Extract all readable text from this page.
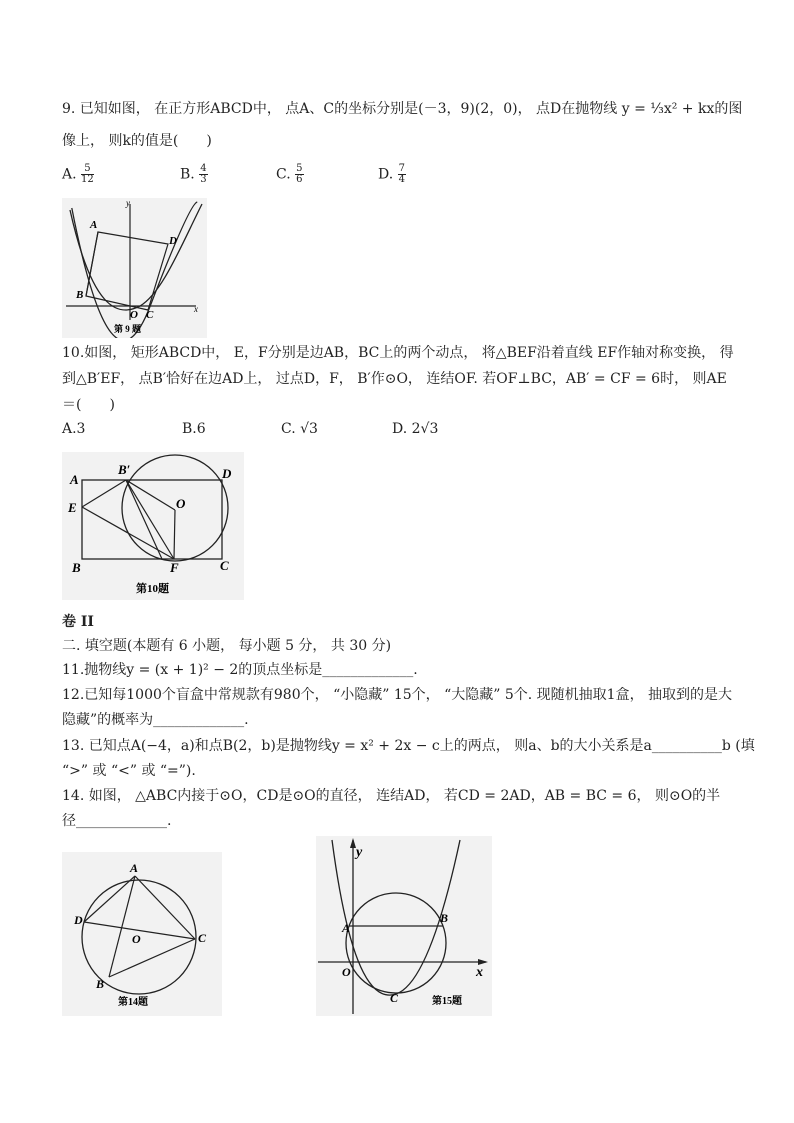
9. 已知如图， 在正方形ABCD中， 点A、C的坐标分别是(－3，9)(2，0)， 点D在抛物线 y = ⅓x² + kx的图
像上， 则k的值是(　　)
A. $\frac{5}{12}$	B. $\frac{4}{3}$	C. $\frac{5}{6}$	D. $\frac{7}{4}$
A
B
C
D
O
y
x
第 9 题
10.如图， 矩形ABCD中， E，F分别是边AB，BC上的两个动点， 将△BEF沿着直线 EF作轴对称变换， 得
到△B′EF， 点B′恰好在边AD上， 过点D，F， B′作⊙O， 连结OF. 若OF⊥BC，AB′ = CF = 6时， 则AE
＝(　　)
A.3	B.6	C. √3	D. 2√3
A
B′	D
E	O
B	F	C
第10题
卷 II
二. 填空题(本题有 6 小题， 每小题 5 分， 共 30 分)
11.抛物线y = (x + 1)² − 2的顶点坐标是_____________.
12.已知每1000个盲盒中常规款有980个， “小隐藏” 15个， “大隐藏” 5个. 现随机抽取1盒， 抽取到的是大
隐藏”的概率为_____________.
13. 已知点A(−4，a)和点B(2，b)是抛物线y = x² + 2x − c上的两点， 则a、b的大小关系是a__________b (填
“>” 或 “<” 或 “=”).
14. 如图， △ABC内接于⊙O，CD是⊙O的直径， 连结AD， 若CD = 2AD，AB = BC = 6， 则⊙O的半
径_____________.
A
D
O	C
B
第14题
y
A
B
O
C
x
第15题
